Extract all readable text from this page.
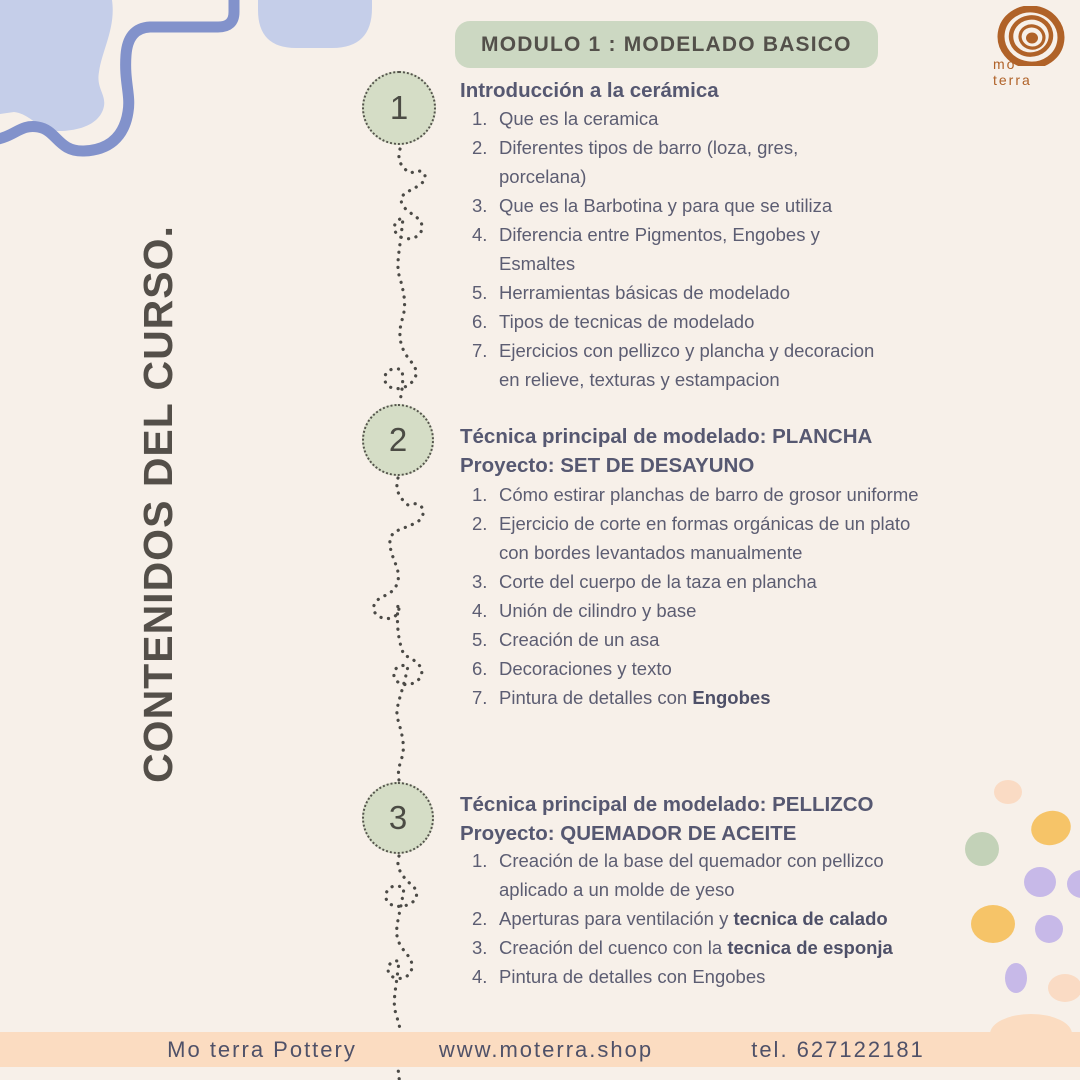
CONTENIDOS DEL CURSO.
MODULO 1 : MODELADO BASICO
mo
terra
1
2
3
Introducción a la cerámica
1. Que es la ceramica
2. Diferentes tipos de barro (loza, gres,
porcelana)
3. Que es la Barbotina y para que se utiliza
4. Diferencia entre Pigmentos, Engobes y
Esmaltes
5. Herramientas básicas de modelado
6. Tipos de tecnicas de modelado
7. Ejercicios con pellizco y plancha y decoracion
en relieve, texturas y estampacion
Técnica principal de modelado: PLANCHA
Proyecto: SET DE DESAYUNO
1. Cómo estirar planchas de barro de grosor uniforme
2. Ejercicio de corte en formas orgánicas de un plato
con bordes levantados manualmente
3. Corte del cuerpo de la taza en plancha
4. Unión de cilindro y base
5. Creación de un asa
6. Decoraciones y texto
7. Pintura de detalles con Engobes
Técnica principal de modelado: PELLIZCO
Proyecto: QUEMADOR DE ACEITE
1. Creación de la base del quemador con pellizco
aplicado a un molde de yeso
2. Aperturas para ventilación y tecnica de calado
3. Creación del cuenco con la tecnica de esponja
4. Pintura de detalles con Engobes
Mo terra Pottery	www.moterra.shop	tel. 627122181
